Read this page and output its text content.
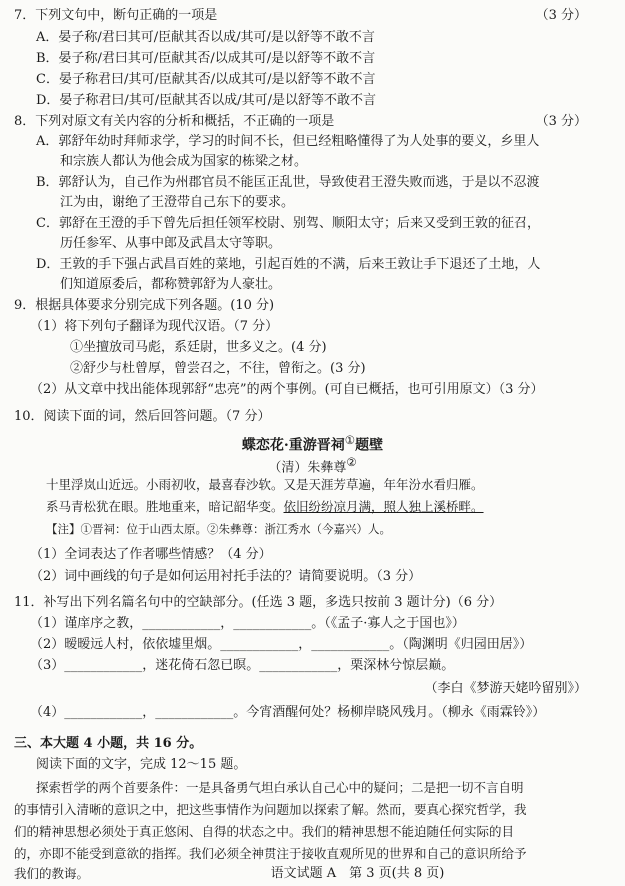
7．下列文句中，断句正确的一项是	（3 分）
A．晏子称/君曰其可/臣献其否以成/其可/是以舒等不敢不言
B．晏子称/君曰其可/臣献其否/以成其可/是以舒等不敢不言
C．晏子称君曰/其可/臣献其否/以成其可/是以舒等不敢不言
D．晏子称君曰/其可/臣献其否以成/其可/是以舒等不敢不言
8．下列对原文有关内容的分析和概括，不正确的一项是	（3 分）
A．郭舒年幼时拜师求学，学习的时间不长，但已经粗略懂得了为人处事的要义，乡里人
和宗族人都认为他会成为国家的栋梁之材。
B．郭舒认为，自己作为州郡官员不能匡正乱世，导致使君王澄失败而逃，于是以不忍渡
江为由，谢绝了王澄带自己东下的要求。
C．郭舒在王澄的手下曾先后担任领军校尉、别驾、顺阳太守；后来又受到王敦的征召，
历任参军、从事中郎及武昌太守等职。
D．王敦的手下强占武昌百姓的菜地，引起百姓的不满，后来王敦让手下退还了土地，人
们知道原委后，都称赞郭舒为人豪壮。
9．根据具体要求分别完成下列各题。(10 分)
（1）将下列句子翻译为现代汉语。（7 分）
①坐擅放司马彪，系廷尉，世多义之。(4 分)
②舒少与杜曾厚，曾尝召之，不往，曾衔之。(3 分)
（2）从文章中找出能体现郭舒“忠亮”的两个事例。(可自已概括，也可引用原文）（3 分）
10．阅读下面的词，然后回答问题。（7 分）
蝶恋花·重游晋祠①题壁
（清）朱彝尊②
十里浮岚山近远。小雨初收，最喜春沙软。又是天涯芳草遍，年年汾水看归雁。
系马青松犹在眼。胜地重来，暗记韶华变。依旧纷纷凉月满，照人独上溪桥畔。
【注】①晋祠：位于山西太原。②朱彝尊：浙江秀水（今嘉兴）人。
（1）全词表达了作者哪些情感？（4 分）
（2）词中画线的句子是如何运用衬托手法的？请简要说明。（3 分）
11．补写出下列名篇名句中的空缺部分。(任选 3 题，多选只按前 3 题计分)（6 分）
（1）谨庠序之教，____________，____________。（《孟子·寡人之于国也》）
（2）暧暧远人村，依依墟里烟。____________，____________。（陶渊明《归园田居》）
（3）____________，迷花倚石忽已暝。____________，栗深林兮惊层巅。
（李白《梦游天姥吟留别》）
（4）____________，____________。今宵酒醒何处？杨柳岸晓风残月。（柳永《雨霖铃》）
三、本大题 4 小题，共 16 分。
阅读下面的文字，完成 12～15 题。
探索哲学的两个首要条件：一是具备勇气坦白承认自己心中的疑问；二是把一切不言自明
的事情引入清晰的意识之中，把这些事情作为问题加以探索了解。然而，要真心探究哲学，我
们的精神思想必须处于真正悠闲、自得的状态之中。我们的精神思想不能迫随任何实际的目
的，亦即不能受到意欲的指挥。我们必须全神贯注于接收直观所见的世界和自己的意识所给予
我们的教诲。	语文试题 A　第 3 页(共 8 页)
